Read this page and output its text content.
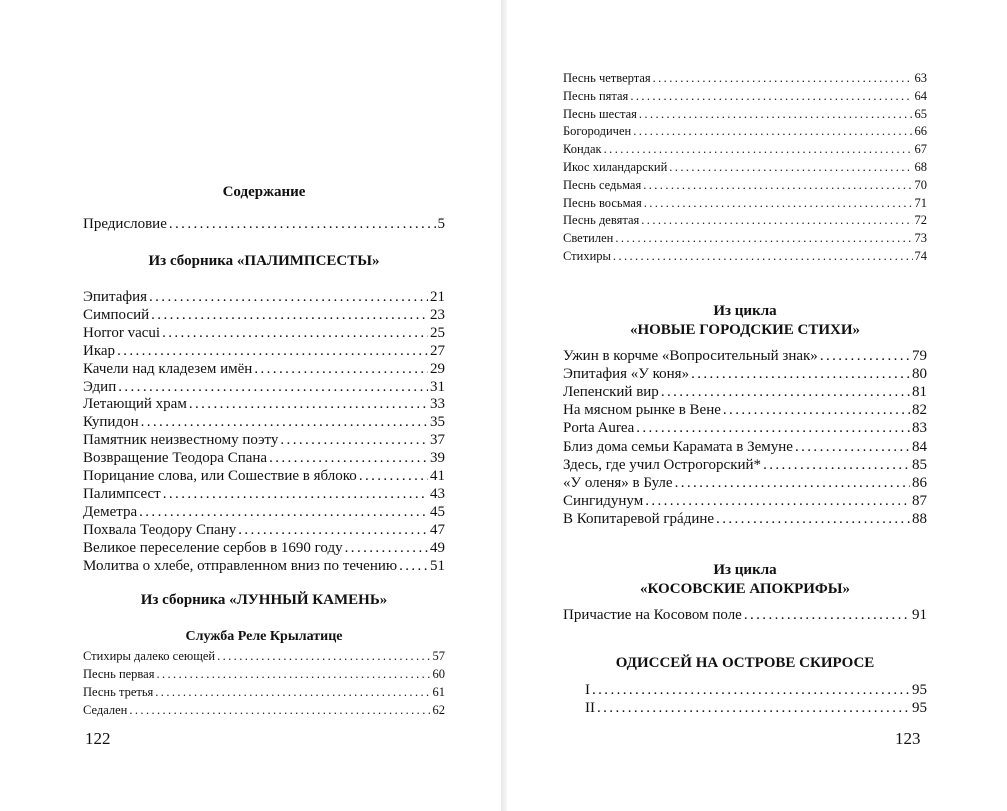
Содержание
Предисловие .....	5
Из сборника «ПАЛИМПСЕСТЫ»
Эпитафия .....	21
Симпосий .....	23
Horror vacui .....	25
Икар .....	27
Качели над кладезем имён .....	29
Эдип .....	31
Летающий храм .....	33
Купидон .....	35
Памятник неизвестному поэту .....	37
Возвращение Теодора Спана .....	39
Порицание слова, или Сошествие в яблоко .....	41
Палимпсест .....	43
Деметра .....	45
Похвала Теодору Спану .....	47
Великое переселение сербов в 1690 году .....	49
Молитва о хлебе, отправленном вниз по течению ..... 51
Из сборника «ЛУННЫЙ КАМЕНЬ»
Служба Реле Крылатице
Стихиры далеко сеющей .....	57
Песнь первая .....	60
Песнь третья .....	61
Седален .....	62
122
Песнь четвертая .....	63
Песнь пятая .....	64
Песнь шестая .....	65
Богородичен .....	66
Кондак .....	67
Икос хиландарский .....	68
Песнь седьмая .....	70
Песнь восьмая .....	71
Песнь девятая .....	72
Светилен .....	73
Стихиры .....	74
Из цикла
«НОВЫЕ ГОРОДСКИЕ СТИХИ»
Ужин в корчме «Вопросительный знак» .....	79
Эпитафия «У коня» .....	80
Лепенский вир .....	81
На мясном рынке в Вене .....	82
Porta Aurea .....	83
Близ дома семьи Карамата в Земуне .....	84
Здесь, где учил Острогорский* .....	85
«У оленя» в Буле .....	86
Сингидунум .....	87
В Копитаревой грáдине .....	88
Из цикла
«КОСОВСКИЕ АПОКРИФЫ»
Причастие на Косовом поле .....	91
ОДИССЕЙ НА ОСТРОВЕ СКИРОСЕ
I .....	95
II .....	95
123
